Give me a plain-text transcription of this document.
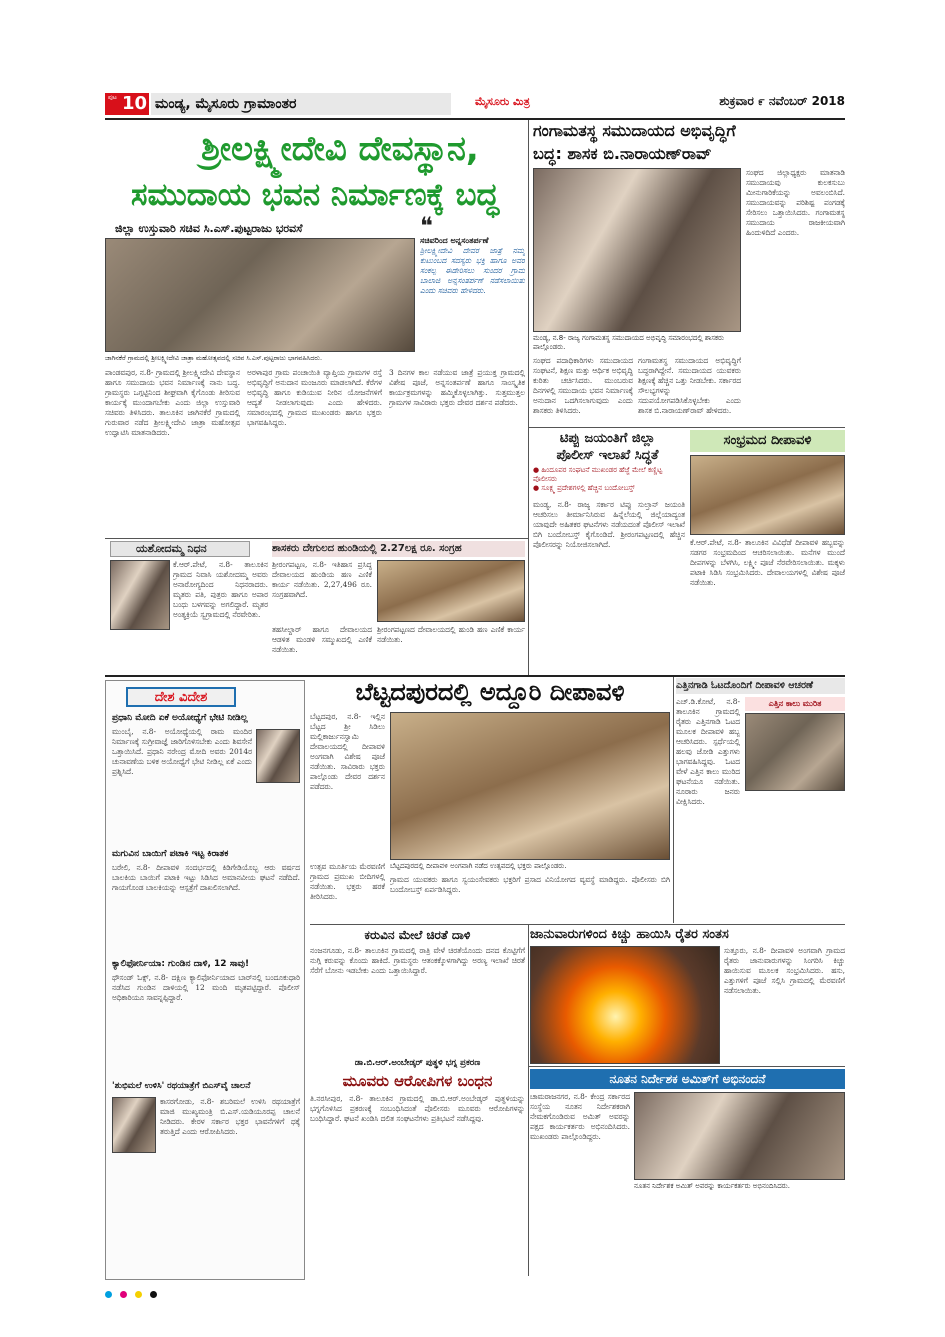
ಪುಟ 10 ಮಂಡ್ಯ, ಮೈಸೂರು ಗ್ರಾಮಾಂತರ	ಮೈಸೂರು ಮಿತ್ರ	ಶುಕ್ರವಾರ ೯ ನವೆಂಬರ್ 2018
ಶ್ರೀಲಕ್ಷ್ಮೀದೇವಿ ದೇವಸ್ಥಾನ,
ಸಮುದಾಯ ಭವನ ನಿರ್ಮಾಣಕ್ಕೆ ಬದ್ಧ
ಜಿಲ್ಲಾ ಉಸ್ತುವಾರಿ ಸಚಿವ ಸಿ.ಎಸ್.ಪುಟ್ಟರಾಜು ಭರವಸೆ	❝
ಸಚಿವರಿಂದ ಅನ್ನಸಂತರ್ಪಣೆ
ಶ್ರೀಲಕ್ಷ್ಮೀದೇವಿ ದೇವರ ಜಾತ್ರೆ ನಮ್ಮ ಕುಟುಂಬದ ಸದಸ್ಯರು ಭಕ್ತಿ ಹಾಗೂ ಅವರ ಸಂಕಲ್ಪ ಈಡೇರಿಸಲು ಸುಂದರ ಗ್ರಾಮ ಬಾಲಾಜಿ ಅನ್ನಸಂತರ್ಪಣೆ ನಡೆಸಲಾಯಿತು ಎಂದು ಸಚಿವರು ಹೇಳಿದರು.
ಜಾಗಿನಕೆರೆ ಗ್ರಾಮದಲ್ಲಿ ಶ್ರೀಲಕ್ಷ್ಮೀದೇವಿ ಜಾತ್ರಾ ಮಹೋತ್ಸವದಲ್ಲಿ ಸಚಿವ ಸಿ.ಎಸ್.ಪುಟ್ಟರಾಜು ಭಾಗವಹಿಸಿದರು.
ಪಾಂಡವಪುರ, ನ.8- ಗ್ರಾಮದಲ್ಲಿ ಶ್ರೀಲಕ್ಷ್ಮೀದೇವಿ ದೇವಸ್ಥಾನ ಹಾಗೂ ಸಮುದಾಯ ಭವನ ನಿರ್ಮಾಣಕ್ಕೆ ನಾನು ಬದ್ಧ. ಗ್ರಾಮಸ್ಥರು ಒಗ್ಗಟ್ಟಿನಿಂದ ಶೀಘ್ರವಾಗಿ ಕೈಗೊಂಡು ತೀರಿಸುವ ಕಾರ್ಯಕ್ಕೆ ಮುಂದಾಗಬೇಕು ಎಂದು ಜಿಲ್ಲಾ ಉಸ್ತುವಾರಿ ಸಚಿವರು ತಿಳಿಸಿದರು. ತಾಲೂಕಿನ ಜಾಗಿನಕೆರೆ ಗ್ರಾಮದಲ್ಲಿ ಗುರುವಾರ ನಡೆದ ಶ್ರೀಲಕ್ಷ್ಮೀದೇವಿ ಜಾತ್ರಾ ಮಹೋತ್ಸವ ಉದ್ಘಾಟಿಸಿ ಮಾತನಾಡಿದರು.
ಅರಳಾಪುರ ಗ್ರಾಮ ಪಂಚಾಯಿತಿ ವ್ಯಾಪ್ತಿಯ ಗ್ರಾಮಗಳ ರಸ್ತೆ ಅಭಿವೃದ್ಧಿಗೆ ಅನುದಾನ ಮಂಜೂರು ಮಾಡಲಾಗಿದೆ. ಕೆರೆಗಳ ಅಭಿವೃದ್ಧಿ ಹಾಗೂ ಕುಡಿಯುವ ನೀರಿನ ಯೋಜನೆಗಳಿಗೆ ಆದ್ಯತೆ ನೀಡಲಾಗುವುದು ಎಂದು ಹೇಳಿದರು. ಸಮಾರಂಭದಲ್ಲಿ ಗ್ರಾಮದ ಮುಖಂಡರು ಹಾಗೂ ಭಕ್ತರು ಭಾಗವಹಿಸಿದ್ದರು.
3 ದಿನಗಳ ಕಾಲ ನಡೆಯುವ ಜಾತ್ರೆ ಪ್ರಯುಕ್ತ ಗ್ರಾಮದಲ್ಲಿ ವಿಶೇಷ ಪೂಜೆ, ಅನ್ನಸಂತರ್ಪಣೆ ಹಾಗೂ ಸಾಂಸ್ಕೃತಿಕ ಕಾರ್ಯಕ್ರಮಗಳನ್ನು ಹಮ್ಮಿಕೊಳ್ಳಲಾಗಿತ್ತು. ಸುತ್ತಮುತ್ತಲ ಗ್ರಾಮಗಳ ಸಾವಿರಾರು ಭಕ್ತರು ದೇವರ ದರ್ಶನ ಪಡೆದರು.
ಗಂಗಾಮತಸ್ಥ ಸಮುದಾಯದ ಅಭಿವೃದ್ಧಿಗೆ
ಬದ್ಧ: ಶಾಸಕ ಬಿ.ನಾರಾಯಣ್‌ರಾವ್
ಮಂಡ್ಯ, ನ.8- ರಾಜ್ಯ ಗಂಗಾಮತಸ್ಥ ಸಮುದಾಯದ ಅಭಿವೃದ್ಧಿ ಸಮಾರಂಭದಲ್ಲಿ ಶಾಸಕರು ಪಾಲ್ಗೊಂಡರು.
ಸಂಘದ ಪದಾಧಿಕಾರಿಗಳು ಸಮುದಾಯದ ಸಂಘಟನೆ, ಶಿಕ್ಷಣ ಮತ್ತು ಆರ್ಥಿಕ ಅಭಿವೃದ್ಧಿ ಕುರಿತು ಚರ್ಚಿಸಿದರು. ಮುಂಬರುವ ದಿನಗಳಲ್ಲಿ ಸಮುದಾಯ ಭವನ ನಿರ್ಮಾಣಕ್ಕೆ ಅನುದಾನ ಒದಗಿಸಲಾಗುವುದು ಎಂದು ಶಾಸಕರು ತಿಳಿಸಿದರು.
ಗಂಗಾಮತಸ್ಥ ಸಮುದಾಯದ ಅಭಿವೃದ್ಧಿಗೆ ಬದ್ಧರಾಗಿದ್ದೇನೆ. ಸಮುದಾಯದ ಯುವಕರು ಶಿಕ್ಷಣಕ್ಕೆ ಹೆಚ್ಚಿನ ಒತ್ತು ನೀಡಬೇಕು. ಸರ್ಕಾರದ ಸೌಲಭ್ಯಗಳನ್ನು ಸದುಪಯೋಗಪಡಿಸಿಕೊಳ್ಳಬೇಕು ಎಂದು ಶಾಸಕ ಬಿ.ನಾರಾಯಣ್‌ರಾವ್ ಹೇಳಿದರು.
ಸಂಘದ ಜಿಲ್ಲಾಧ್ಯಕ್ಷರು ಮಾತನಾಡಿ ಸಮುದಾಯವು ಕುಲಕಸುಬು ಮೀನುಗಾರಿಕೆಯನ್ನು ಅವಲಂಬಿಸಿದೆ. ಸಮುದಾಯವನ್ನು ಪರಿಶಿಷ್ಟ ಪಂಗಡಕ್ಕೆ ಸೇರಿಸಲು ಒತ್ತಾಯಿಸಿದರು. ಗಂಗಾಮತಸ್ಥ ಸಮುದಾಯ ರಾಜಕೀಯವಾಗಿ ಹಿಂದುಳಿದಿದೆ ಎಂದರು.
ಟಿಪ್ಪು ಜಯಂತಿಗೆ ಜಿಲ್ಲಾ
ಪೊಲೀಸ್ ಇಲಾಖೆ ಸಿದ್ಧತೆ
● ಹಿಂದೂಪರ ಸಂಘಟನೆ ಮುಖಂಡರ ಹೆಜ್ಜೆ ಮೇಲೆ ಕಣ್ಣಿಟ್ಟ ಪೊಲೀಸರು
● ಸೂಕ್ಷ್ಮ ಪ್ರದೇಶಗಳಲ್ಲಿ ಹೆಚ್ಚಿನ ಬಂದೋಬಸ್ತ್
ಮಂಡ್ಯ, ನ.8- ರಾಜ್ಯ ಸರ್ಕಾರ ಟಿಪ್ಪು ಸುಲ್ತಾನ್ ಜಯಂತಿ ಆಚರಿಸಲು ತೀರ್ಮಾನಿಸಿರುವ ಹಿನ್ನೆಲೆಯಲ್ಲಿ ಜಿಲ್ಲೆಯಾದ್ಯಂತ ಯಾವುದೇ ಅಹಿತಕರ ಘಟನೆಗಳು ನಡೆಯದಂತೆ ಪೊಲೀಸ್ ಇಲಾಖೆ ಬಿಗಿ ಬಂದೋಬಸ್ತ್ ಕೈಗೊಂಡಿದೆ. ಶ್ರೀರಂಗಪಟ್ಟಣದಲ್ಲಿ ಹೆಚ್ಚಿನ ಪೊಲೀಸರನ್ನು ನಿಯೋಜಿಸಲಾಗಿದೆ.
ಸಂಭ್ರಮದ ದೀಪಾವಳಿ
ಕೆ.ಆರ್.ಪೇಟೆ, ನ.8- ತಾಲೂಕಿನ ವಿವಿಧೆಡೆ ದೀಪಾವಳಿ ಹಬ್ಬವನ್ನು ಸಡಗರ ಸಂಭ್ರಮದಿಂದ ಆಚರಿಸಲಾಯಿತು. ಮನೆಗಳ ಮುಂದೆ ದೀಪಗಳನ್ನು ಬೆಳಗಿಸಿ, ಲಕ್ಷ್ಮೀ ಪೂಜೆ ನೆರವೇರಿಸಲಾಯಿತು. ಮಕ್ಕಳು ಪಟಾಕಿ ಸಿಡಿಸಿ ಸಂಭ್ರಮಿಸಿದರು. ದೇವಾಲಯಗಳಲ್ಲಿ ವಿಶೇಷ ಪೂಜೆ ನಡೆಯಿತು.
ಯಶೋದಮ್ಮ ನಿಧನ
ಕೆ.ಆರ್.ಪೇಟೆ, ನ.8- ತಾಲೂಕಿನ ಗ್ರಾಮದ ನಿವಾಸಿ ಯಶೋದಮ್ಮ ಅವರು ಅನಾರೋಗ್ಯದಿಂದ ನಿಧನರಾದರು. ಮೃತರು ಪತಿ, ಪುತ್ರರು ಹಾಗೂ ಅಪಾರ ಬಂಧು ಬಳಗವನ್ನು ಅಗಲಿದ್ದಾರೆ. ಮೃತರ ಅಂತ್ಯಕ್ರಿಯೆ ಸ್ವಗ್ರಾಮದಲ್ಲಿ ನೆರವೇರಿತು.
ಶಾಸಕರು ದೇಗುಲದ ಹುಂಡಿಯಲ್ಲಿ 2.27ಲಕ್ಷ ರೂ. ಸಂಗ್ರಹ
ಶ್ರೀರಂಗಪಟ್ಟಣ, ನ.8- ಇತಿಹಾಸ ಪ್ರಸಿದ್ಧ ದೇವಾಲಯದ ಹುಂಡಿಯ ಹಣ ಎಣಿಕೆ ಕಾರ್ಯ ನಡೆಯಿತು. 2,27,496 ರೂ. ಸಂಗ್ರಹವಾಗಿದೆ.
ತಹಸೀಲ್ದಾರ್ ಹಾಗೂ ದೇವಾಲಯದ ಆಡಳಿತ ಮಂಡಳಿ ಸಮ್ಮುಖದಲ್ಲಿ ಎಣಿಕೆ ನಡೆಯಿತು.
ಶ್ರೀರಂಗಪಟ್ಟಣದ ದೇವಾಲಯದಲ್ಲಿ ಹುಂಡಿ ಹಣ ಎಣಿಕೆ ಕಾರ್ಯ ನಡೆಯಿತು.
ದೇಶ ವಿದೇಶ
ಪ್ರಧಾನಿ ಮೋದಿ ಏಕೆ ಅಯೋಧ್ಯೆಗೆ ಭೇಟಿ ನೀಡಿಲ್ಲ
ಮುಂಬೈ, ನ.8- ಅಯೋಧ್ಯೆಯಲ್ಲಿ ರಾಮ ಮಂದಿರ ನಿರ್ಮಾಣಕ್ಕೆ ಸುಗ್ರೀವಾಜ್ಞೆ ಜಾರಿಗೊಳಿಸಬೇಕು ಎಂದು ಶಿವಸೇನೆ ಒತ್ತಾಯಿಸಿದೆ. ಪ್ರಧಾನಿ ನರೇಂದ್ರ ಮೋದಿ ಅವರು 2014ರ ಚುನಾವಣೆಯ ಬಳಿಕ ಅಯೋಧ್ಯೆಗೆ ಭೇಟಿ ನೀಡಿಲ್ಲ ಏಕೆ ಎಂದು ಪ್ರಶ್ನಿಸಿದೆ.
ಮಗುವಿನ ಬಾಯಿಗೆ ಪಟಾಕಿ ಇಟ್ಟ ಕಿರಾತಕ
ಬರೇಲಿ, ನ.8- ದೀಪಾವಳಿ ಸಂದರ್ಭದಲ್ಲಿ ಕಿಡಿಗೇಡಿಯೊಬ್ಬ ಆರು ವರ್ಷದ ಬಾಲಕಿಯ ಬಾಯಿಗೆ ಪಟಾಕಿ ಇಟ್ಟು ಸಿಡಿಸಿದ ಅಮಾನವೀಯ ಘಟನೆ ನಡೆದಿದೆ. ಗಾಯಗೊಂಡ ಬಾಲಕಿಯನ್ನು ಆಸ್ಪತ್ರೆಗೆ ದಾಖಲಿಸಲಾಗಿದೆ.
ಕ್ಯಾಲಿಫೋರ್ನಿಯಾ: ಗುಂಡಿನ ದಾಳಿ, 12 ಸಾವು!
ಥೌಸಂಡ್ ಓಕ್ಸ್, ನ.8- ದಕ್ಷಿಣ ಕ್ಯಾಲಿಫೋರ್ನಿಯಾದ ಬಾರ್‌ನಲ್ಲಿ ಬಂದೂಕುಧಾರಿ ನಡೆಸಿದ ಗುಂಡಿನ ದಾಳಿಯಲ್ಲಿ 12 ಮಂದಿ ಮೃತಪಟ್ಟಿದ್ದಾರೆ. ಪೊಲೀಸ್ ಅಧಿಕಾರಿಯೂ ಸಾವನ್ನಪ್ಪಿದ್ದಾರೆ.
'ಶುಭಿಮಲೆ ಉಳಿಸಿ' ರಥಯಾತ್ರೆಗೆ ಬಿಎಸ್‌ವೈ ಚಾಲನೆ
ಕಾಸರಗೋಡು, ನ.8- ಶಬರಿಮಲೆ ಉಳಿಸಿ ರಥಯಾತ್ರೆಗೆ ಮಾಜಿ ಮುಖ್ಯಮಂತ್ರಿ ಬಿ.ಎಸ್.ಯಡಿಯೂರಪ್ಪ ಚಾಲನೆ ನೀಡಿದರು. ಕೇರಳ ಸರ್ಕಾರ ಭಕ್ತರ ಭಾವನೆಗಳಿಗೆ ಧಕ್ಕೆ ತರುತ್ತಿದೆ ಎಂದು ಆರೋಪಿಸಿದರು.
ಬೆಟ್ಟದಪುರದಲ್ಲಿ ಅದ್ದೂರಿ ದೀಪಾವಳಿ
ಬೆಟ್ಟದಪುರ, ನ.8- ಇಲ್ಲಿನ ಬೆಟ್ಟದ ಶ್ರೀ ಸಿಡಿಲು ಮಲ್ಲಿಕಾರ್ಜುನಸ್ವಾಮಿ ದೇವಾಲಯದಲ್ಲಿ ದೀಪಾವಳಿ ಅಂಗವಾಗಿ ವಿಶೇಷ ಪೂಜೆ ನಡೆಯಿತು. ಸಾವಿರಾರು ಭಕ್ತರು ಪಾಲ್ಗೊಂಡು ದೇವರ ದರ್ಶನ ಪಡೆದರು.
ಬೆಟ್ಟದಪುರದಲ್ಲಿ ದೀಪಾವಳಿ ಅಂಗವಾಗಿ ನಡೆದ ಉತ್ಸವದಲ್ಲಿ ಭಕ್ತರು ಪಾಲ್ಗೊಂಡರು.
ಉತ್ಸವ ಮೂರ್ತಿಯ ಮೆರವಣಿಗೆ ಗ್ರಾಮದ ಪ್ರಮುಖ ಬೀದಿಗಳಲ್ಲಿ ನಡೆಯಿತು. ಭಕ್ತರು ಹರಕೆ ತೀರಿಸಿದರು.
ಗ್ರಾಮದ ಯುವಕರು ಹಾಗೂ ಸ್ವಯಂಸೇವಕರು ಭಕ್ತರಿಗೆ ಪ್ರಸಾದ ವಿನಿಯೋಗದ ವ್ಯವಸ್ಥೆ ಮಾಡಿದ್ದರು. ಪೊಲೀಸರು ಬಿಗಿ ಬಂದೋಬಸ್ತ್ ಏರ್ಪಡಿಸಿದ್ದರು.
ಎತ್ತಿನಗಾಡಿ ಓಟದೊಂದಿಗೆ ದೀಪಾವಳಿ ಆಚರಣೆ
ಎಚ್.ಡಿ.ಕೋಟೆ, ನ.8- ತಾಲೂಕಿನ ಗ್ರಾಮದಲ್ಲಿ ರೈತರು ಎತ್ತಿನಗಾಡಿ ಓಟದ ಮೂಲಕ ದೀಪಾವಳಿ ಹಬ್ಬ ಆಚರಿಸಿದರು. ಸ್ಪರ್ಧೆಯಲ್ಲಿ ಹಲವು ಜೋಡಿ ಎತ್ತುಗಳು ಭಾಗವಹಿಸಿದ್ದವು. ಓಟದ ವೇಳೆ ಎತ್ತಿನ ಕಾಲು ಮುರಿದ ಘಟನೆಯೂ ನಡೆಯಿತು. ನೂರಾರು ಜನರು ವೀಕ್ಷಿಸಿದರು.
ಎತ್ತಿನ ಕಾಲು ಮುರಿತ
ಕರುವಿನ ಮೇಲೆ ಚಿರತೆ ದಾಳಿ
ನಂಜನಗೂಡು, ನ.8- ತಾಲೂಕಿನ ಗ್ರಾಮದಲ್ಲಿ ರಾತ್ರಿ ವೇಳೆ ಚಿರತೆಯೊಂದು ದನದ ಕೊಟ್ಟಿಗೆಗೆ ನುಗ್ಗಿ ಕರುವನ್ನು ಕೊಂದು ಹಾಕಿದೆ. ಗ್ರಾಮಸ್ಥರು ಆತಂಕಕ್ಕೊಳಗಾಗಿದ್ದು ಅರಣ್ಯ ಇಲಾಖೆ ಚಿರತೆ ಸೆರೆಗೆ ಬೋನು ಇಡಬೇಕು ಎಂದು ಒತ್ತಾಯಿಸಿದ್ದಾರೆ.
ಜಾನುವಾರುಗಳಿಂದ ಕಿಚ್ಚು ಹಾಯಿಸಿ ರೈತರ ಸಂತಸ
ಸುತ್ತೂರು, ನ.8- ದೀಪಾವಳಿ ಅಂಗವಾಗಿ ಗ್ರಾಮದ ರೈತರು ಜಾನುವಾರುಗಳನ್ನು ಸಿಂಗರಿಸಿ ಕಿಚ್ಚು ಹಾಯಿಸುವ ಮೂಲಕ ಸಂಭ್ರಮಿಸಿದರು. ಹಸು, ಎತ್ತುಗಳಿಗೆ ಪೂಜೆ ಸಲ್ಲಿಸಿ ಗ್ರಾಮದಲ್ಲಿ ಮೆರವಣಿಗೆ ನಡೆಸಲಾಯಿತು.
ಡಾ.ಬಿ.ಆರ್.ಅಂಬೇಡ್ಕರ್ ಪುತ್ಥಳಿ ಭಗ್ನ ಪ್ರಕರಣ
ಮೂವರು ಆರೋಪಿಗಳ ಬಂಧನ
ತಿ.ನರಸೀಪುರ, ನ.8- ತಾಲೂಕಿನ ಗ್ರಾಮದಲ್ಲಿ ಡಾ.ಬಿ.ಆರ್.ಅಂಬೇಡ್ಕರ್ ಪುತ್ಥಳಿಯನ್ನು ಭಗ್ನಗೊಳಿಸಿದ ಪ್ರಕರಣಕ್ಕೆ ಸಂಬಂಧಿಸಿದಂತೆ ಪೊಲೀಸರು ಮೂವರು ಆರೋಪಿಗಳನ್ನು ಬಂಧಿಸಿದ್ದಾರೆ. ಘಟನೆ ಖಂಡಿಸಿ ದಲಿತ ಸಂಘಟನೆಗಳು ಪ್ರತಿಭಟನೆ ನಡೆಸಿದ್ದವು.
ನೂತನ ನಿರ್ದೇಶಕ ಅಮಿತ್‌ಗೆ ಅಭಿನಂದನೆ
ಚಾಮರಾಜನಗರ, ನ.8- ಕೇಂದ್ರ ಸರ್ಕಾರದ ಸಂಸ್ಥೆಯ ನೂತನ ನಿರ್ದೇಶಕರಾಗಿ ನೇಮಕಗೊಂಡಿರುವ ಅಮಿತ್ ಅವರನ್ನು ಪಕ್ಷದ ಕಾರ್ಯಕರ್ತರು ಅಭಿನಂದಿಸಿದರು. ಮುಖಂಡರು ಪಾಲ್ಗೊಂಡಿದ್ದರು.
ನೂತನ ನಿರ್ದೇಶಕ ಅಮಿತ್ ಅವರನ್ನು ಕಾರ್ಯಕರ್ತರು ಅಭಿನಂದಿಸಿದರು.
